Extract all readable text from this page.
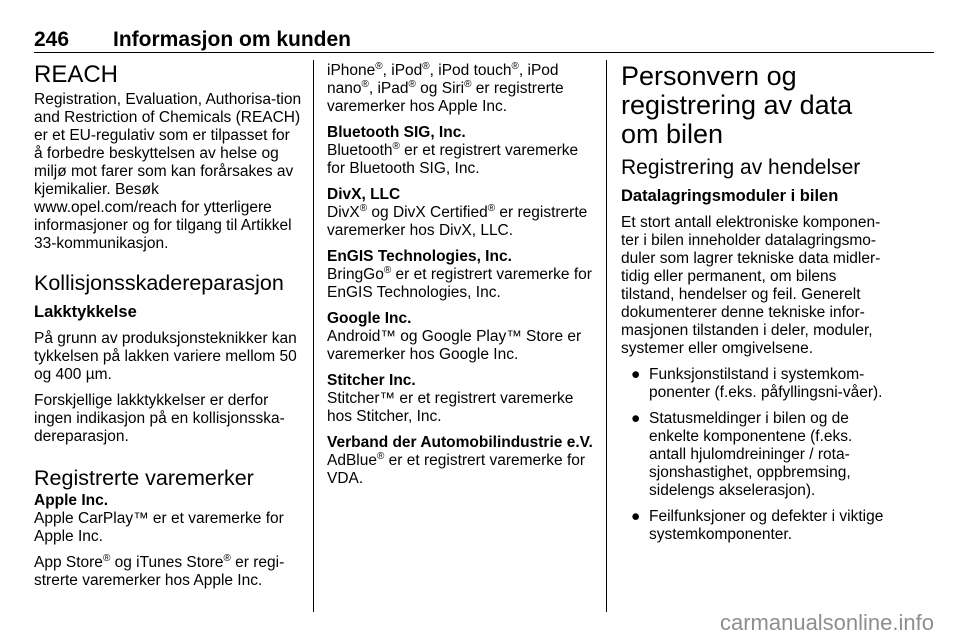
246 Informasjon om kunden
REACH

Registration, Evaluation, Authorisa-tion and Restriction of Chemicals (REACH) er et EU-regulativ som er tilpasset for å forbedre beskyttelsen av helse og miljø mot farer som kan forårsakes av kjemikalier. Besøk www.opel.com/reach for ytterligere informasjoner og for tilgang til Artikkel 33-kommunikasjon.

Kollisjonsskadereparasjon
Lakktykkelse

På grunn av produksjonsteknikker kan tykkelsen på lakken variere mellom 50 og 400 µm.

Forskjellige lakktykkelser er derfor ingen indikasjon på en kollisjonsska-dereparasjon.

Registrerte varemerker
Apple Inc.

Apple CarPlay™ er et varemerke for Apple Inc.

App Store® og iTunes Store® er regi-strerte varemerker hos Apple Inc.

iPhone®, iPod®, iPod touch®, iPod nano®, iPad® og Siri® er registrerte varemerker hos Apple Inc.

Bluetooth SIG, Inc.

Bluetooth® er et registrert varemerke for Bluetooth SIG, Inc.

DivX, LLC

DivX® og DivX Certified® er registrerte varemerker hos DivX, LLC.

EnGIS Technologies, Inc.

BringGo® er et registrert varemerke for EnGIS Technologies, Inc.

Google Inc.

Android™ og Google Play™ Store er varemerker hos Google Inc.

Stitcher Inc.

Stitcher™ er et registrert varemerke hos Stitcher, Inc.

Verband der Automobilindustrie e.V.

AdBlue® er et registrert varemerke for VDA.

Personvern og registrering av data om bilen
Registrering av hendelser
Datalagringsmoduler i bilen

Et stort antall elektroniske komponen-ter i bilen inneholder datalagringsmo-duler som lagrer tekniske data midler-tidig eller permanent, om bilens tilstand, hendelser og feil. Generelt dokumenterer denne tekniske infor-masjonen tilstanden i deler, moduler, systemer eller omgivelsene.

● Funksjonstilstand i systemkom-ponenter (f.eks. påfyllingsni-våer).
● Statusmeldinger i bilen og de enkelte komponentene (f.eks. antall hjulomdreininger / rota-sjonshastighet, oppbremsing, sidelengs akselerasjon).
● Feilfunksjoner og defekter i viktige systemkomponenter.
carmanualsonline.info
